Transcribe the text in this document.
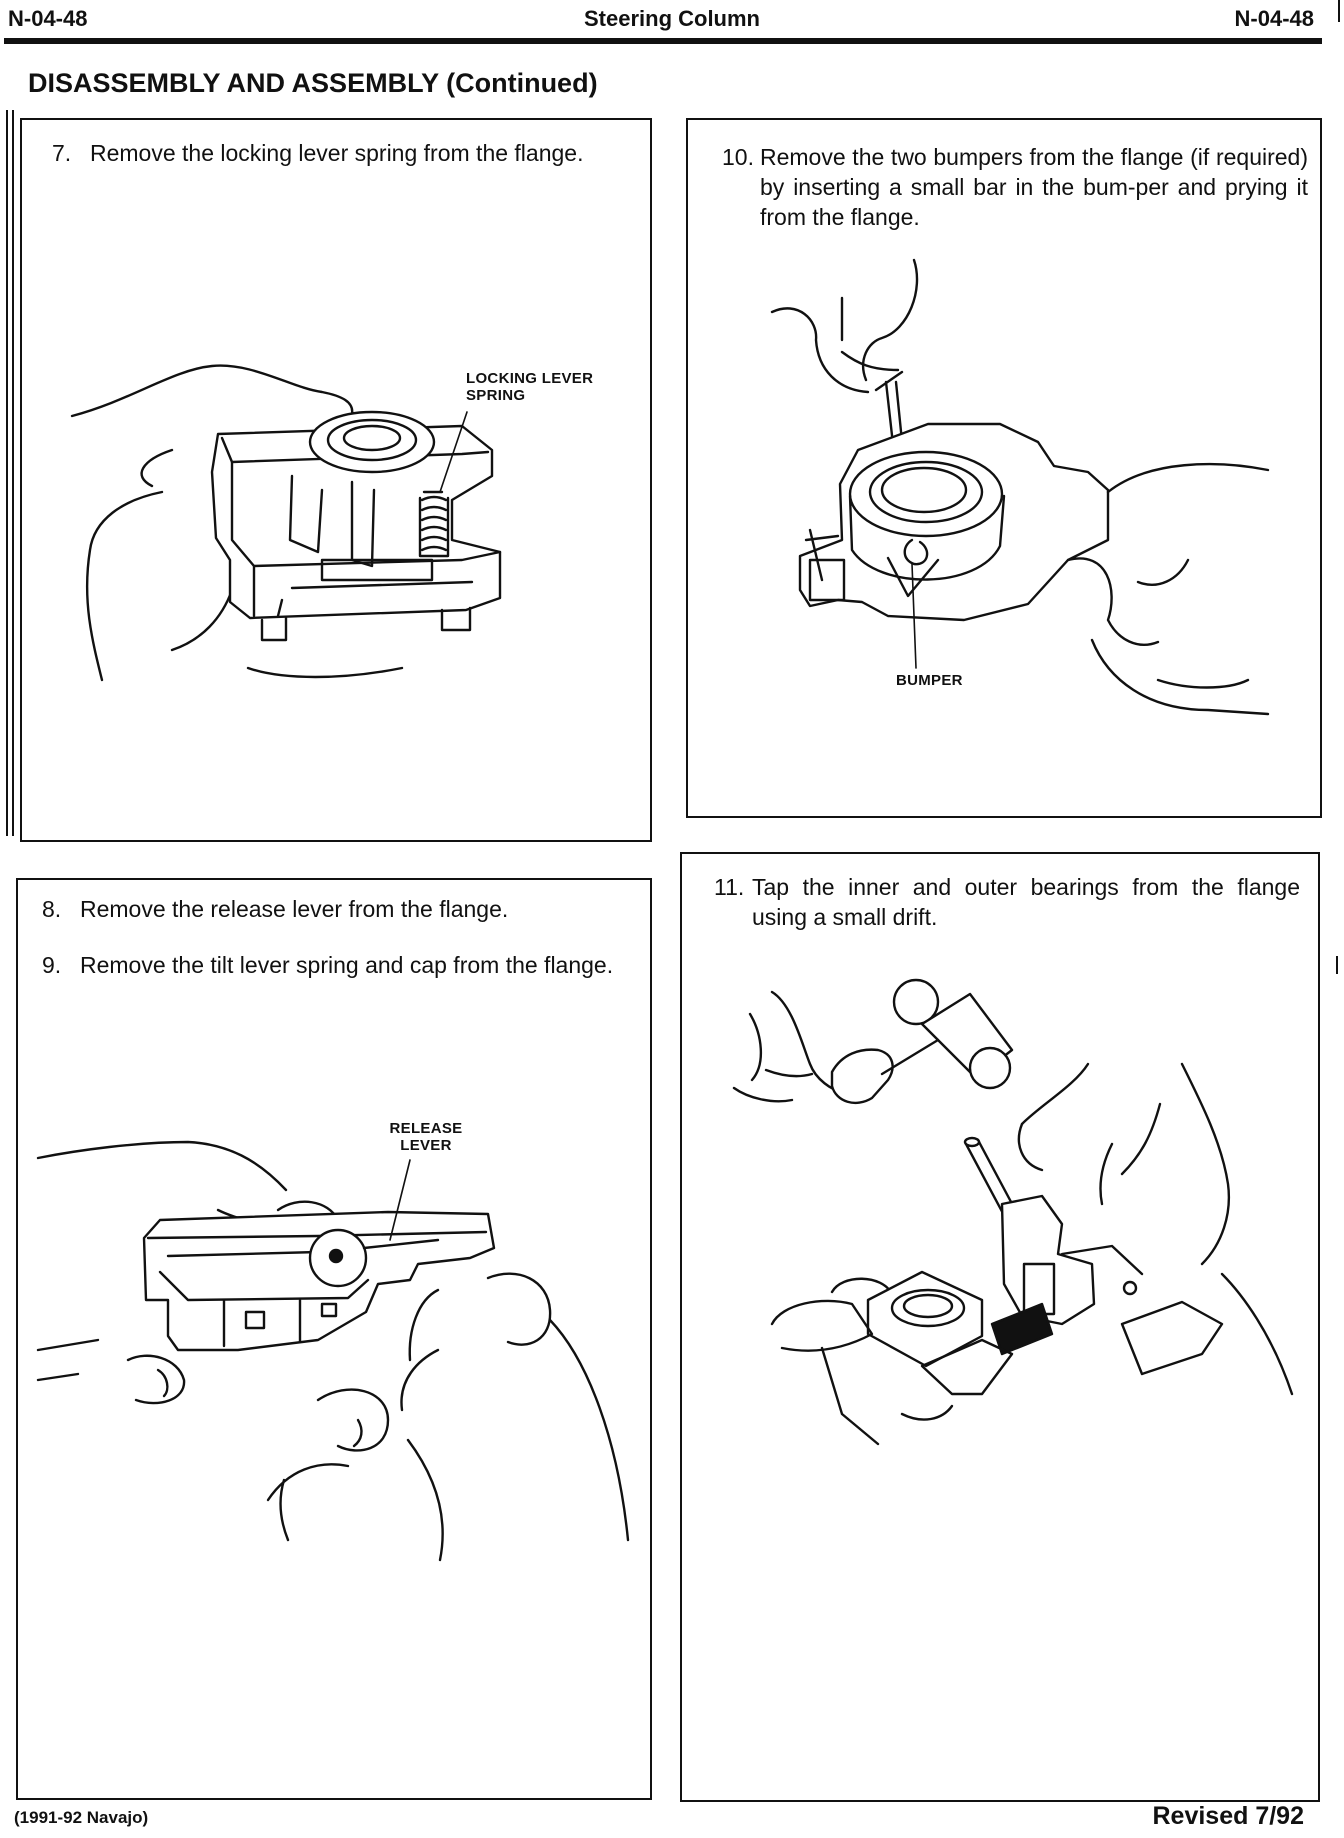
N-04-48	Steering Column	N-04-48
DISASSEMBLY AND ASSEMBLY (Continued)
7. Remove the locking lever spring from the flange.
LOCKING LEVER
SPRING
10. Remove the two bumpers from the flange (if required) by inserting a small bar in the bum-per and prying it from the flange.
BUMPER
8. Remove the release lever from the flange.
9. Remove the tilt lever spring and cap from the flange.
RELEASE
LEVER
11. Tap the inner and outer bearings from the flange using a small drift.
(1991-92 Navajo)	Revised 7/92
